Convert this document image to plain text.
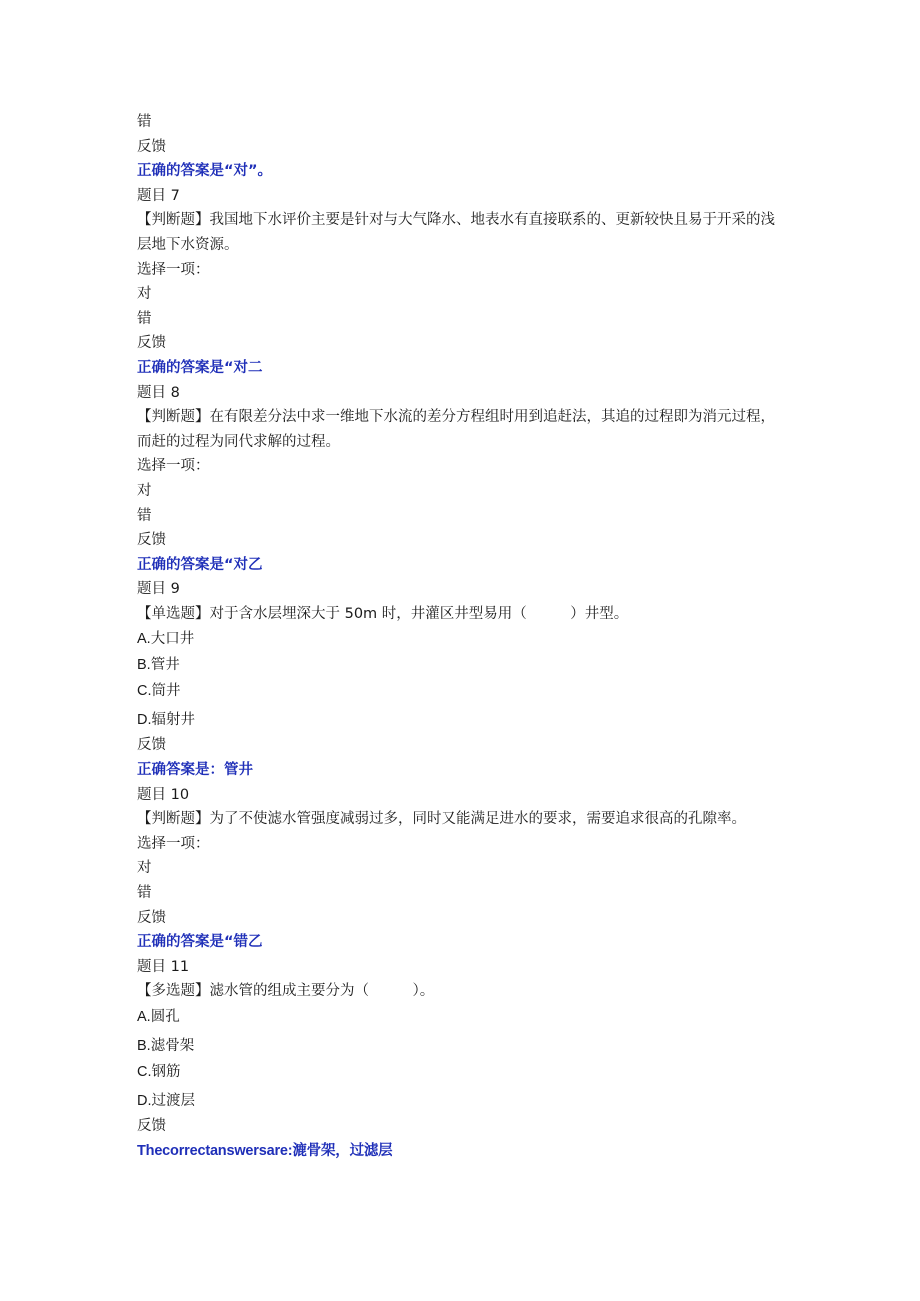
错
反馈
正确的答案是“对”。
题目 7
【判断题】我国地下水评价主要是针对与大气降水、地表水有直接联系的、更新较快且易于开采的浅层地下水资源。
选择一项：
对
错
反馈
正确的答案是“对二
题目 8
【判断题】在有限差分法中求一维地下水流的差分方程组时用到追赶法，其追的过程即为消元过程，而赶的过程为同代求解的过程。
选择一项：
对
错
反馈
正确的答案是“对乙
题目 9
【单选题】对于含水层埋深大于 50m 时，井灌区井型易用（　　　）井型。
A.大口井
B.管井
C.筒井
D.辐射井
反馈
正确答案是：管井
题目 10
【判断题】为了不使滤水管强度减弱过多，同时又能满足进水的要求，需要追求很高的孔隙率。
选择一项：
对
错
反馈
正确的答案是“错乙
题目 11
【多选题】滤水管的组成主要分为（　　　）。
A.圆孔
B.滤骨架
C.钢筋
D.过渡层
反馈
Thecorrectanswersare:漉骨架，过滤层
